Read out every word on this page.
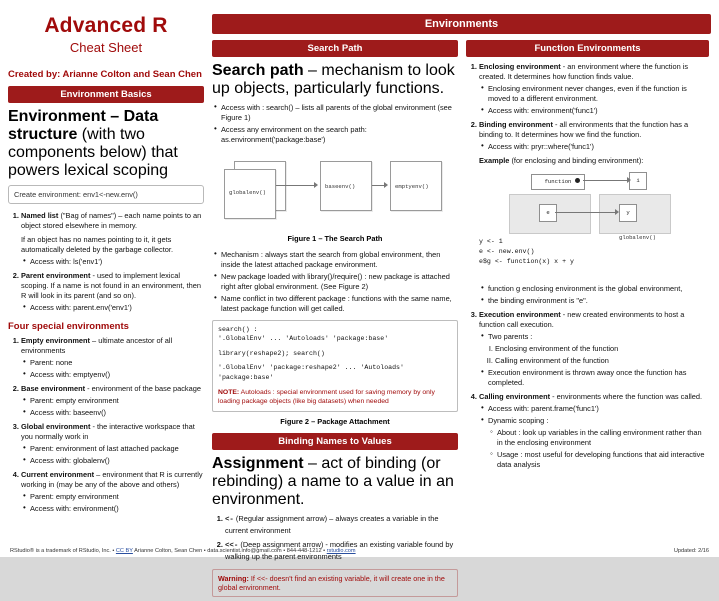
Advanced R
Cheat Sheet
Created by: Arianne Colton and Sean Chen
Environment Basics
Environment – Data structure (with two components below) that powers lexical scoping
Create environment: env1<-new.env()
1. Named list ("Bag of names") – each name points to an object stored elsewhere in memory.
If an object has no names pointing to it, it gets automatically deleted by the garbage collector.
• Access with: ls('env1')
2. Parent environment - used to implement lexical scoping. If a name is not found in an environment, then R will look in its parent (and so on).
• Access with: parent.env('env1')
Four special environments
1. Empty environment – ultimate ancestor of all environments
• Parent: none
• Access with: emptyenv()
2. Base environment - environment of the base package
• Parent: empty environment
• Access with: baseenv()
3. Global environment - the interactive workspace that you normally work in
• Parent: environment of last attached package
• Access with: globalenv()
4. Current environment – environment that R is currently working in (may be any of the above and others)
• Parent: empty environment
• Access with: environment()
Environments
Search Path
Search path – mechanism to look up objects, particularly functions.
• Access with : search() – lists all parents of the global environment (see Figure 1)
• Access any environment on the search path: as.environment('package:base')
globalenv()
baseenv()	emptyenv()
Figure 1 – The Search Path
• Mechanism : always start the search from global environment, then inside the latest attached package environment.
• New package loaded with library()/require() : new package is attached right after global environment. (See Figure 2)
• Name conflict in two different package : functions with the same name, latest package function will get called.
search() :
'.GlobalEnv' ... 'Autoloads' 'package:base'
library(reshape2); search()
'.GlobalEnv' 'package:reshape2' ... 'Autoloads' 'package:base'
NOTE: Autoloads : special environment used for saving memory by only loading package objects (like big datasets) when needed
Figure 2 – Package Attachment
Binding Names to Values
Assignment – act of binding (or rebinding) a name to a value in an environment.
1. <- (Regular assignment arrow) – always creates a variable in the current environment
2. <<- (Deep assignment arrow) - modifies an existing variable found by walking up the parent environments
Warning: If <<- doesn't find an existing variable, it will create one in the global environment.
Function Environments
1. Enclosing environment - an environment where the function is created. It determines how function finds value.
• Enclosing environment never changes, even if the function is moved to a different environment.
• Access with: environment('func1')
2. Binding environment - all environments that the function has a binding to. It determines how we find the function.
• Access with: pryr::where('func1')
Example (for enclosing and binding environment):
function	i
e	y
globalenv()
y <- 1
e <- new.env()
e$g <- function(x) x + y
• function g enclosing environment is the global environment,
• the binding environment is "e".
3. Execution environment - new created environments to host a function call execution.
• Two parents :
I. Enclosing environment of the function
II. Calling environment of the function
• Execution environment is thrown away once the function has completed.
4. Calling environment - environments where the function was called.
• Access with: parent.frame('func1')
• Dynamic scoping :
◦ About : look up variables in the calling environment rather than in the enclosing environment
◦ Usage : most useful for developing functions that aid interactive data analysis
RStudio® is a trademark of RStudio, Inc. • CC BY Arianne Colton, Sean Chen • data.scientist.info@gmail.com • 844-448-1212 • rstudio.com	Updated: 2/16
